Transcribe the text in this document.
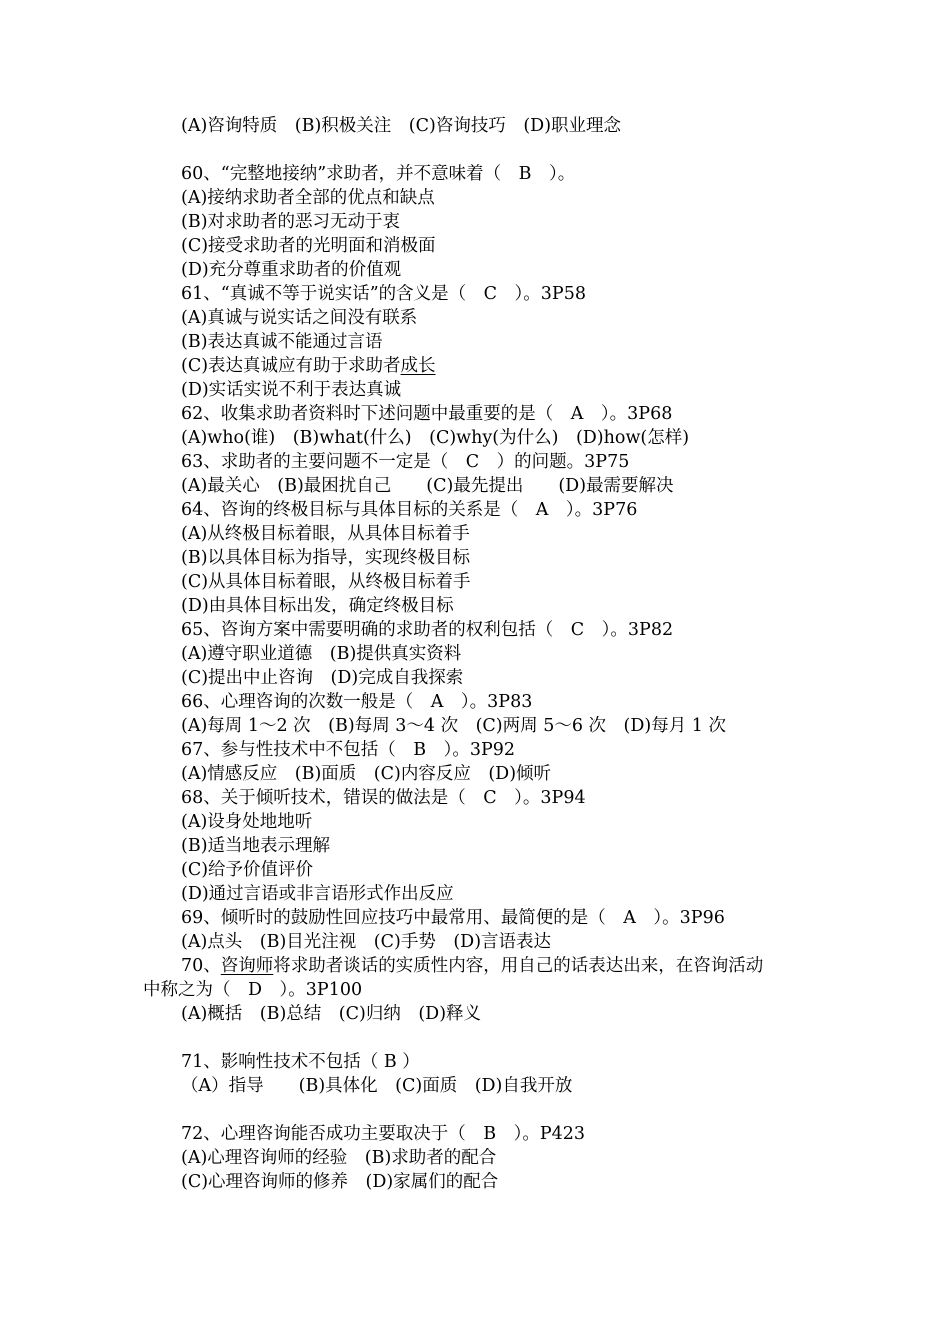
(A)咨询特质　(B)积极关注　(C)咨询技巧　(D)职业理念
60、“完整地接纳”求助者，并不意味着（　B　）。
(A)接纳求助者全部的优点和缺点
(B)对求助者的恶习无动于衷
(C)接受求助者的光明面和消极面
(D)充分尊重求助者的价值观
61、“真诚不等于说实话”的含义是（　C　）。3P58
(A)真诚与说实话之间没有联系
(B)表达真诚不能通过言语
(C)表达真诚应有助于求助者成长
(D)实话实说不利于表达真诚
62、收集求助者资料时下述问题中最重要的是（　A　）。3P68
(A)who(谁)　(B)what(什么)　(C)why(为什么)　(D)how(怎样)
63、求助者的主要问题不一定是（　C　）的问题。3P75
(A)最关心　(B)最困扰自己　　(C)最先提出　　(D)最需要解决
64、咨询的终极目标与具体目标的关系是（　A　）。3P76
(A)从终极目标着眼，从具体目标着手
(B)以具体目标为指导，实现终极目标
(C)从具体目标着眼，从终极目标着手
(D)由具体目标出发，确定终极目标
65、咨询方案中需要明确的求助者的权利包括（　C　）。3P82
(A)遵守职业道德　(B)提供真实资料
(C)提出中止咨询　(D)完成自我探索
66、心理咨询的次数一般是（　A　）。3P83
(A)每周 1～2 次　(B)每周 3～4 次　(C)两周 5～6 次　(D)每月 1 次
67、参与性技术中不包括（　B　）。3P92
(A)情感反应　(B)面质　(C)内容反应　(D)倾听
68、关于倾听技术，错误的做法是（　C　）。3P94
(A)设身处地地听
(B)适当地表示理解
(C)给予价值评价
(D)通过言语或非言语形式作出反应
69、倾听时的鼓励性回应技巧中最常用、最简便的是（　A　）。3P96
(A)点头　(B)目光注视　(C)手势　(D)言语表达
70、咨询师将求助者谈话的实质性内容，用自己的话表达出来，在咨询活动
中称之为（　D　）。3P100
(A)概括　(B)总结　(C)归纳　(D)释义
71、影响性技术不包括（ B ）
（A）指导　　(B)具体化　(C)面质　(D)自我开放
72、心理咨询能否成功主要取决于（　B　）。P423
(A)心理咨询师的经验　(B)求助者的配合
(C)心理咨询师的修养　(D)家属们的配合
